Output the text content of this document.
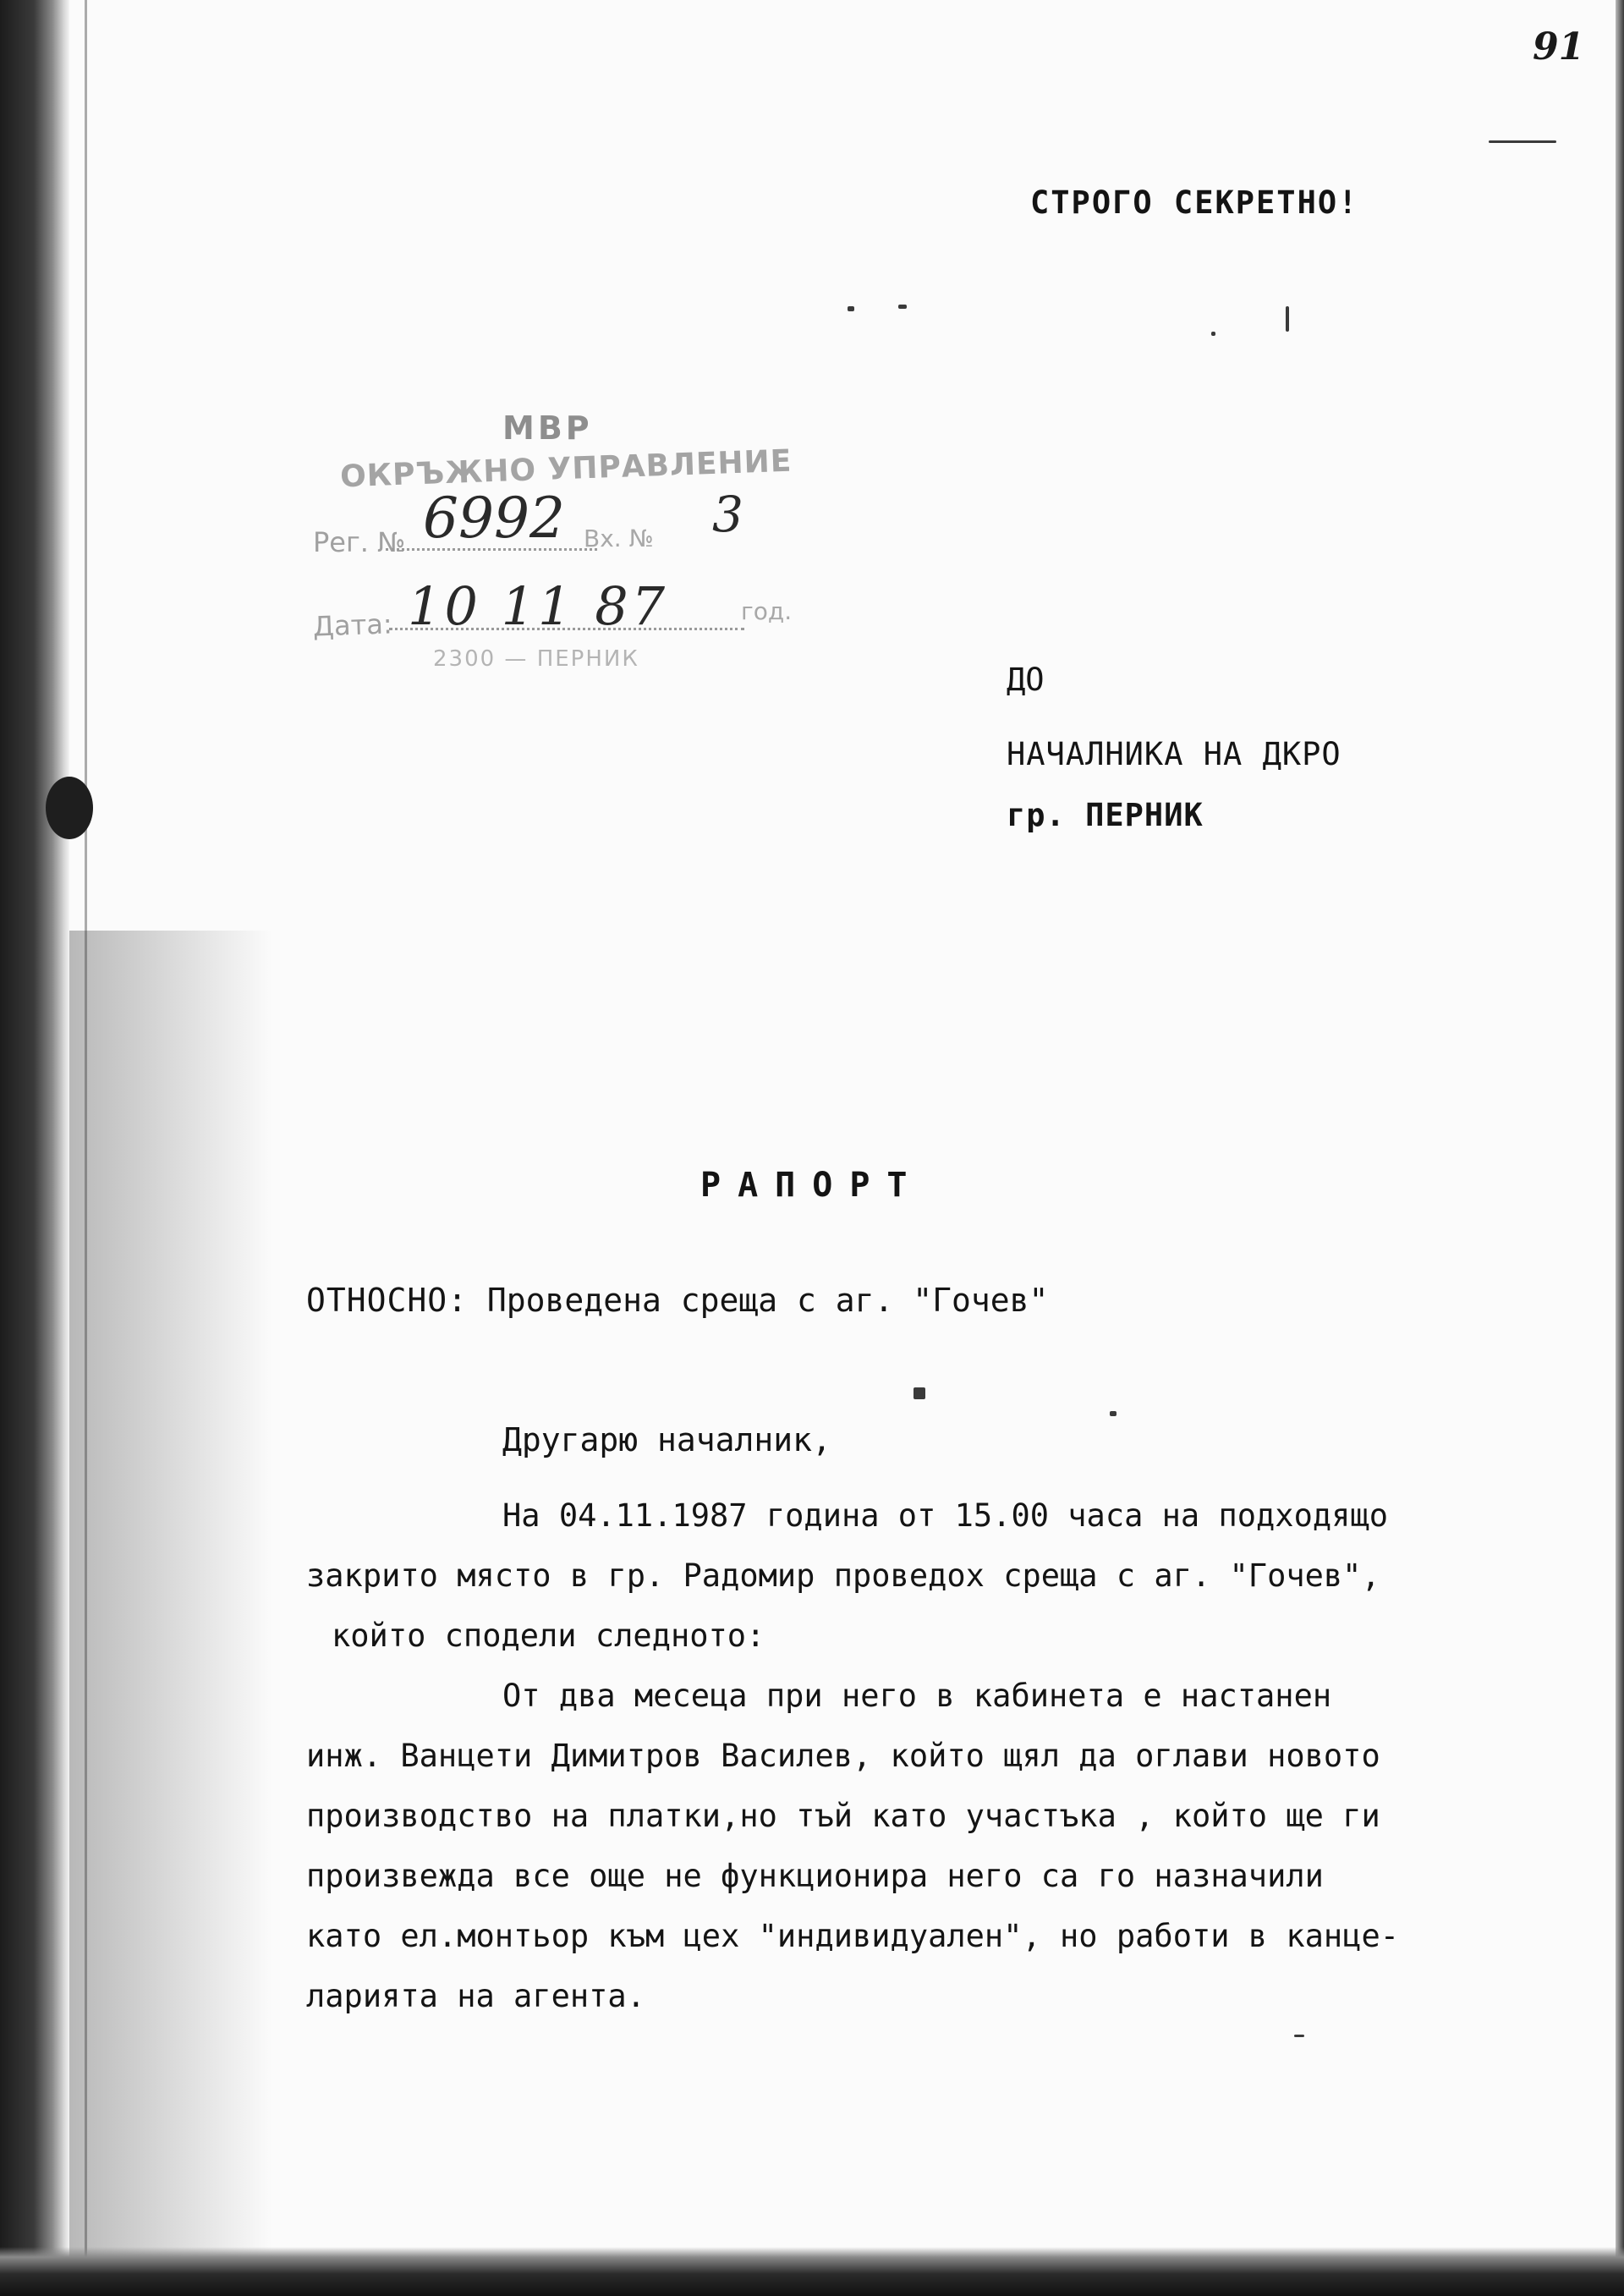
91
СТРОГО СЕКРЕТНО!
МВР
ОКРЪЖНО УПРАВЛЕНИЕ
Рег. № 6992 Вх. № 3
Дата: 10 11 87	год.
2300 — ПЕРНИК
ДО
НАЧАЛНИКА НА ДКРО
гр. ПЕРНИК
РАПОРТ
ОТНОСНО: Проведена среща с аг. "Гочев"
Другарю началник,
На 04.11.1987 година от 15.00 часа на подходящо
закрито място в гр. Радомир проведох среща с аг. "Гочев",
който сподели следното:
От два месеца при него в кабинета е настанен
инж. Ванцети Димитров Василев, който щял да оглави новото
производство на платки,но тъй като участъка , който ще ги
произвежда все още не функционира него са го назначили
като ел.монтьор към цех "индивидуален", но работи в канце-
ларията на агента.
